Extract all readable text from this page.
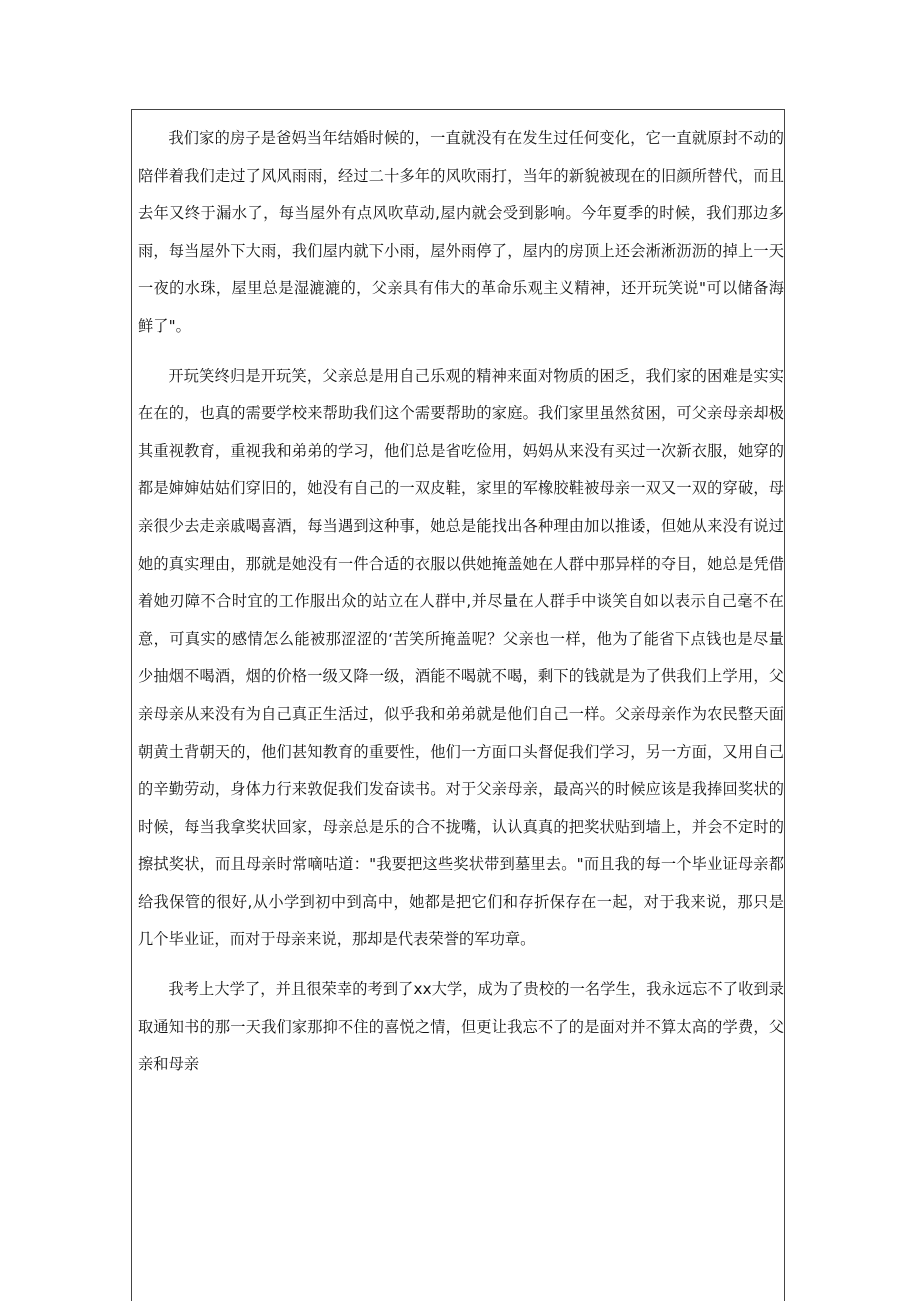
我们家的房子是爸妈当年结婚时候的，一直就没有在发生过任何变化，它一直就原封不动的陪伴着我们走过了风风雨雨，经过二十多年的风吹雨打，当年的新貌被现在的旧颜所替代，而且去年又终于漏水了，每当屋外有点风吹草动,屋内就会受到影响。今年夏季的时候，我们那边多雨，每当屋外下大雨，我们屋内就下小雨，屋外雨停了，屋内的房顶上还会淅淅沥沥的掉上一天一夜的水珠，屋里总是湿漉漉的，父亲具有伟大的革命乐观主义精神，还开玩笑说"可以储备海鲜了"。

开玩笑终归是开玩笑，父亲总是用自己乐观的精神来面对物质的困乏，我们家的困难是实实在在的，也真的需要学校来帮助我们这个需要帮助的家庭。我们家里虽然贫困，可父亲母亲却极其重视教育，重视我和弟弟的学习，他们总是省吃俭用，妈妈从来没有买过一次新衣服，她穿的都是婶婶姑姑们穿旧的，她没有自己的一双皮鞋，家里的军橡胶鞋被母亲一双又一双的穿破，母亲很少去走亲戚喝喜酒，每当遇到这种事，她总是能找出各种理由加以推诿，但她从来没有说过她的真实理由，那就是她没有一件合适的衣服以供她掩盖她在人群中那异样的夺目，她总是凭借着她刃障不合时宜的工作服出众的站立在人群中,并尽量在人群手中谈笑自如以表示自己毫不在意，可真实的感情怎么能被那涩涩的‘苦笑所掩盖呢？父亲也一样，他为了能省下点钱也是尽量少抽烟不喝酒，烟的价格一级又降一级，酒能不喝就不喝，剩下的钱就是为了供我们上学用，父亲母亲从来没有为自己真正生活过，似乎我和弟弟就是他们自己一样。父亲母亲作为农民整天面朝黄土背朝天的，他们甚知教育的重要性，他们一方面口头督促我们学习，另一方面，又用自己的辛勤劳动，身体力行来敦促我们发奋读书。对于父亲母亲，最高兴的时候应该是我捧回奖状的时候，每当我拿奖状回家，母亲总是乐的合不拢嘴，认认真真的把奖状贴到墙上，并会不定时的擦拭奖状，而且母亲时常嘀咕道："我要把这些奖状带到墓里去。"而且我的每一个毕业证母亲都给我保管的很好,从小学到初中到高中，她都是把它们和存折保存在一起，对于我来说，那只是几个毕业证，而对于母亲来说，那却是代表荣誉的军功章。

我考上大学了，并且很荣幸的考到了xx大学，成为了贵校的一名学生，我永远忘不了收到录取通知书的那一天我们家那抑不住的喜悦之情，但更让我忘不了的是面对并不算太高的学费，父亲和母亲
